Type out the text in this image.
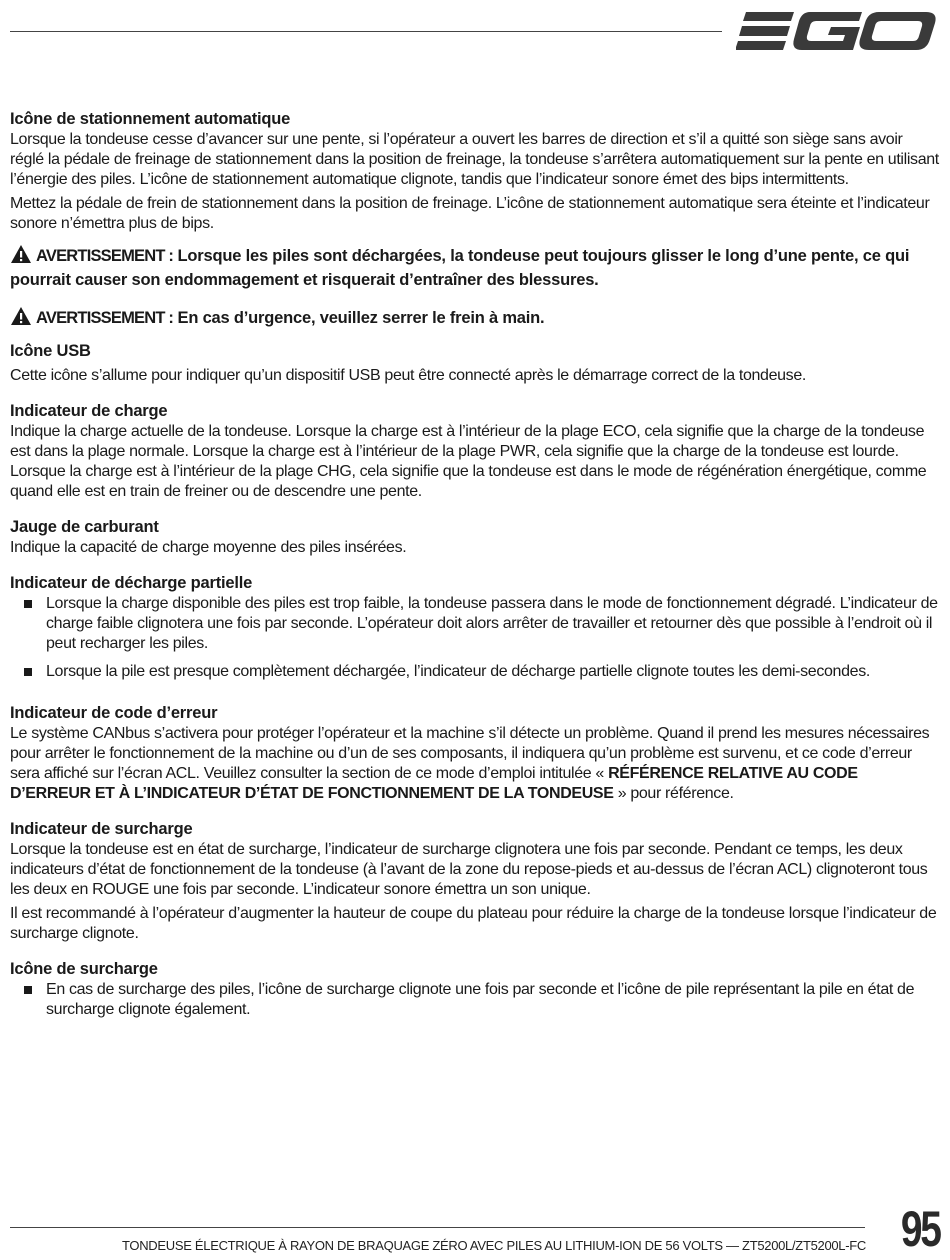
Icône de stationnement automatique

Lorsque la tondeuse cesse d’avancer sur une pente, si l’opérateur a ouvert les barres de direction et s’il a quitté son siège sans avoir réglé la pédale de freinage de stationnement dans la position de freinage, la tondeuse s’arrêtera automatiquement sur la pente en utilisant l’énergie des piles. L’icône de stationnement automatique clignote, tandis que l’indicateur sonore émet des bips intermittents.

Mettez la pédale de frein de stationnement dans la position de freinage. L’icône de stationnement automatique sera éteinte et l’indicateur sonore n’émettra plus de bips.

AVERTISSEMENT : Lorsque les piles sont déchargées, la tondeuse peut toujours glisser le long d’une pente, ce qui pourrait causer son endommagement et risquerait d’entraîner des blessures.

AVERTISSEMENT : En cas d’urgence, veuillez serrer le frein à main.

Icône USB

Cette icône s’allume pour indiquer qu’un dispositif USB peut être connecté après le démarrage correct de la tondeuse.

Indicateur de charge

Indique la charge actuelle de la tondeuse. Lorsque la charge est à l’intérieur de la plage ECO, cela signifie que la charge de la tondeuse est dans la plage normale. Lorsque la charge est à l’intérieur de la plage PWR, cela signifie que la charge de la tondeuse est lourde. Lorsque la charge est à l’intérieur de la plage CHG, cela signifie que la tondeuse est dans le mode de régénération énergétique, comme quand elle est en train de freiner ou de descendre une pente.

Jauge de carburant

Indique la capacité de charge moyenne des piles insérées.

Indicateur de décharge partielle
Lorsque la charge disponible des piles est trop faible, la tondeuse passera dans le mode de fonctionnement dégradé. L’indicateur de charge faible clignotera une fois par seconde. L’opérateur doit alors arrêter de travailler et retourner dès que possible à l’endroit où il peut recharger les piles.
Lorsque la pile est presque complètement déchargée, l’indicateur de décharge partielle clignote toutes les demi-secondes.
Indicateur de code d’erreur

Le système CANbus s’activera pour protéger l’opérateur et la machine s’il détecte un problème. Quand il prend les mesures nécessaires pour arrêter le fonctionnement de la machine ou d’un de ses composants, il indiquera qu’un problème est survenu, et ce code d’erreur sera affiché sur l’écran ACL. Veuillez consulter la section de ce mode d’emploi intitulée « RÉFÉRENCE RELATIVE AU CODE D’ERREUR ET À L’INDICATEUR D’ÉTAT DE FONCTIONNEMENT DE LA TONDEUSE » pour référence.

Indicateur de surcharge

Lorsque la tondeuse est en état de surcharge, l’indicateur de surcharge clignotera une fois par seconde. Pendant ce temps, les deux indicateurs d’état de fonctionnement de la tondeuse (à l’avant de la zone du repose-pieds et au-dessus de l’écran ACL) clignoteront tous les deux en ROUGE une fois par seconde. L’indicateur sonore émettra un son unique.

Il est recommandé à l’opérateur d’augmenter la hauteur de coupe du plateau pour réduire la charge de la tondeuse lorsque l’indicateur de surcharge clignote.

Icône de surcharge
En cas de surcharge des piles, l’icône de surcharge clignote une fois par seconde et l’icône de pile représentant la pile en état de surcharge clignote également.
TONDEUSE ÉLECTRIQUE À RAYON DE BRAQUAGE ZÉRO AVEC PILES AU LITHIUM-ION DE 56 VOLTS — ZT5200L/ZT5200L-FC 95
